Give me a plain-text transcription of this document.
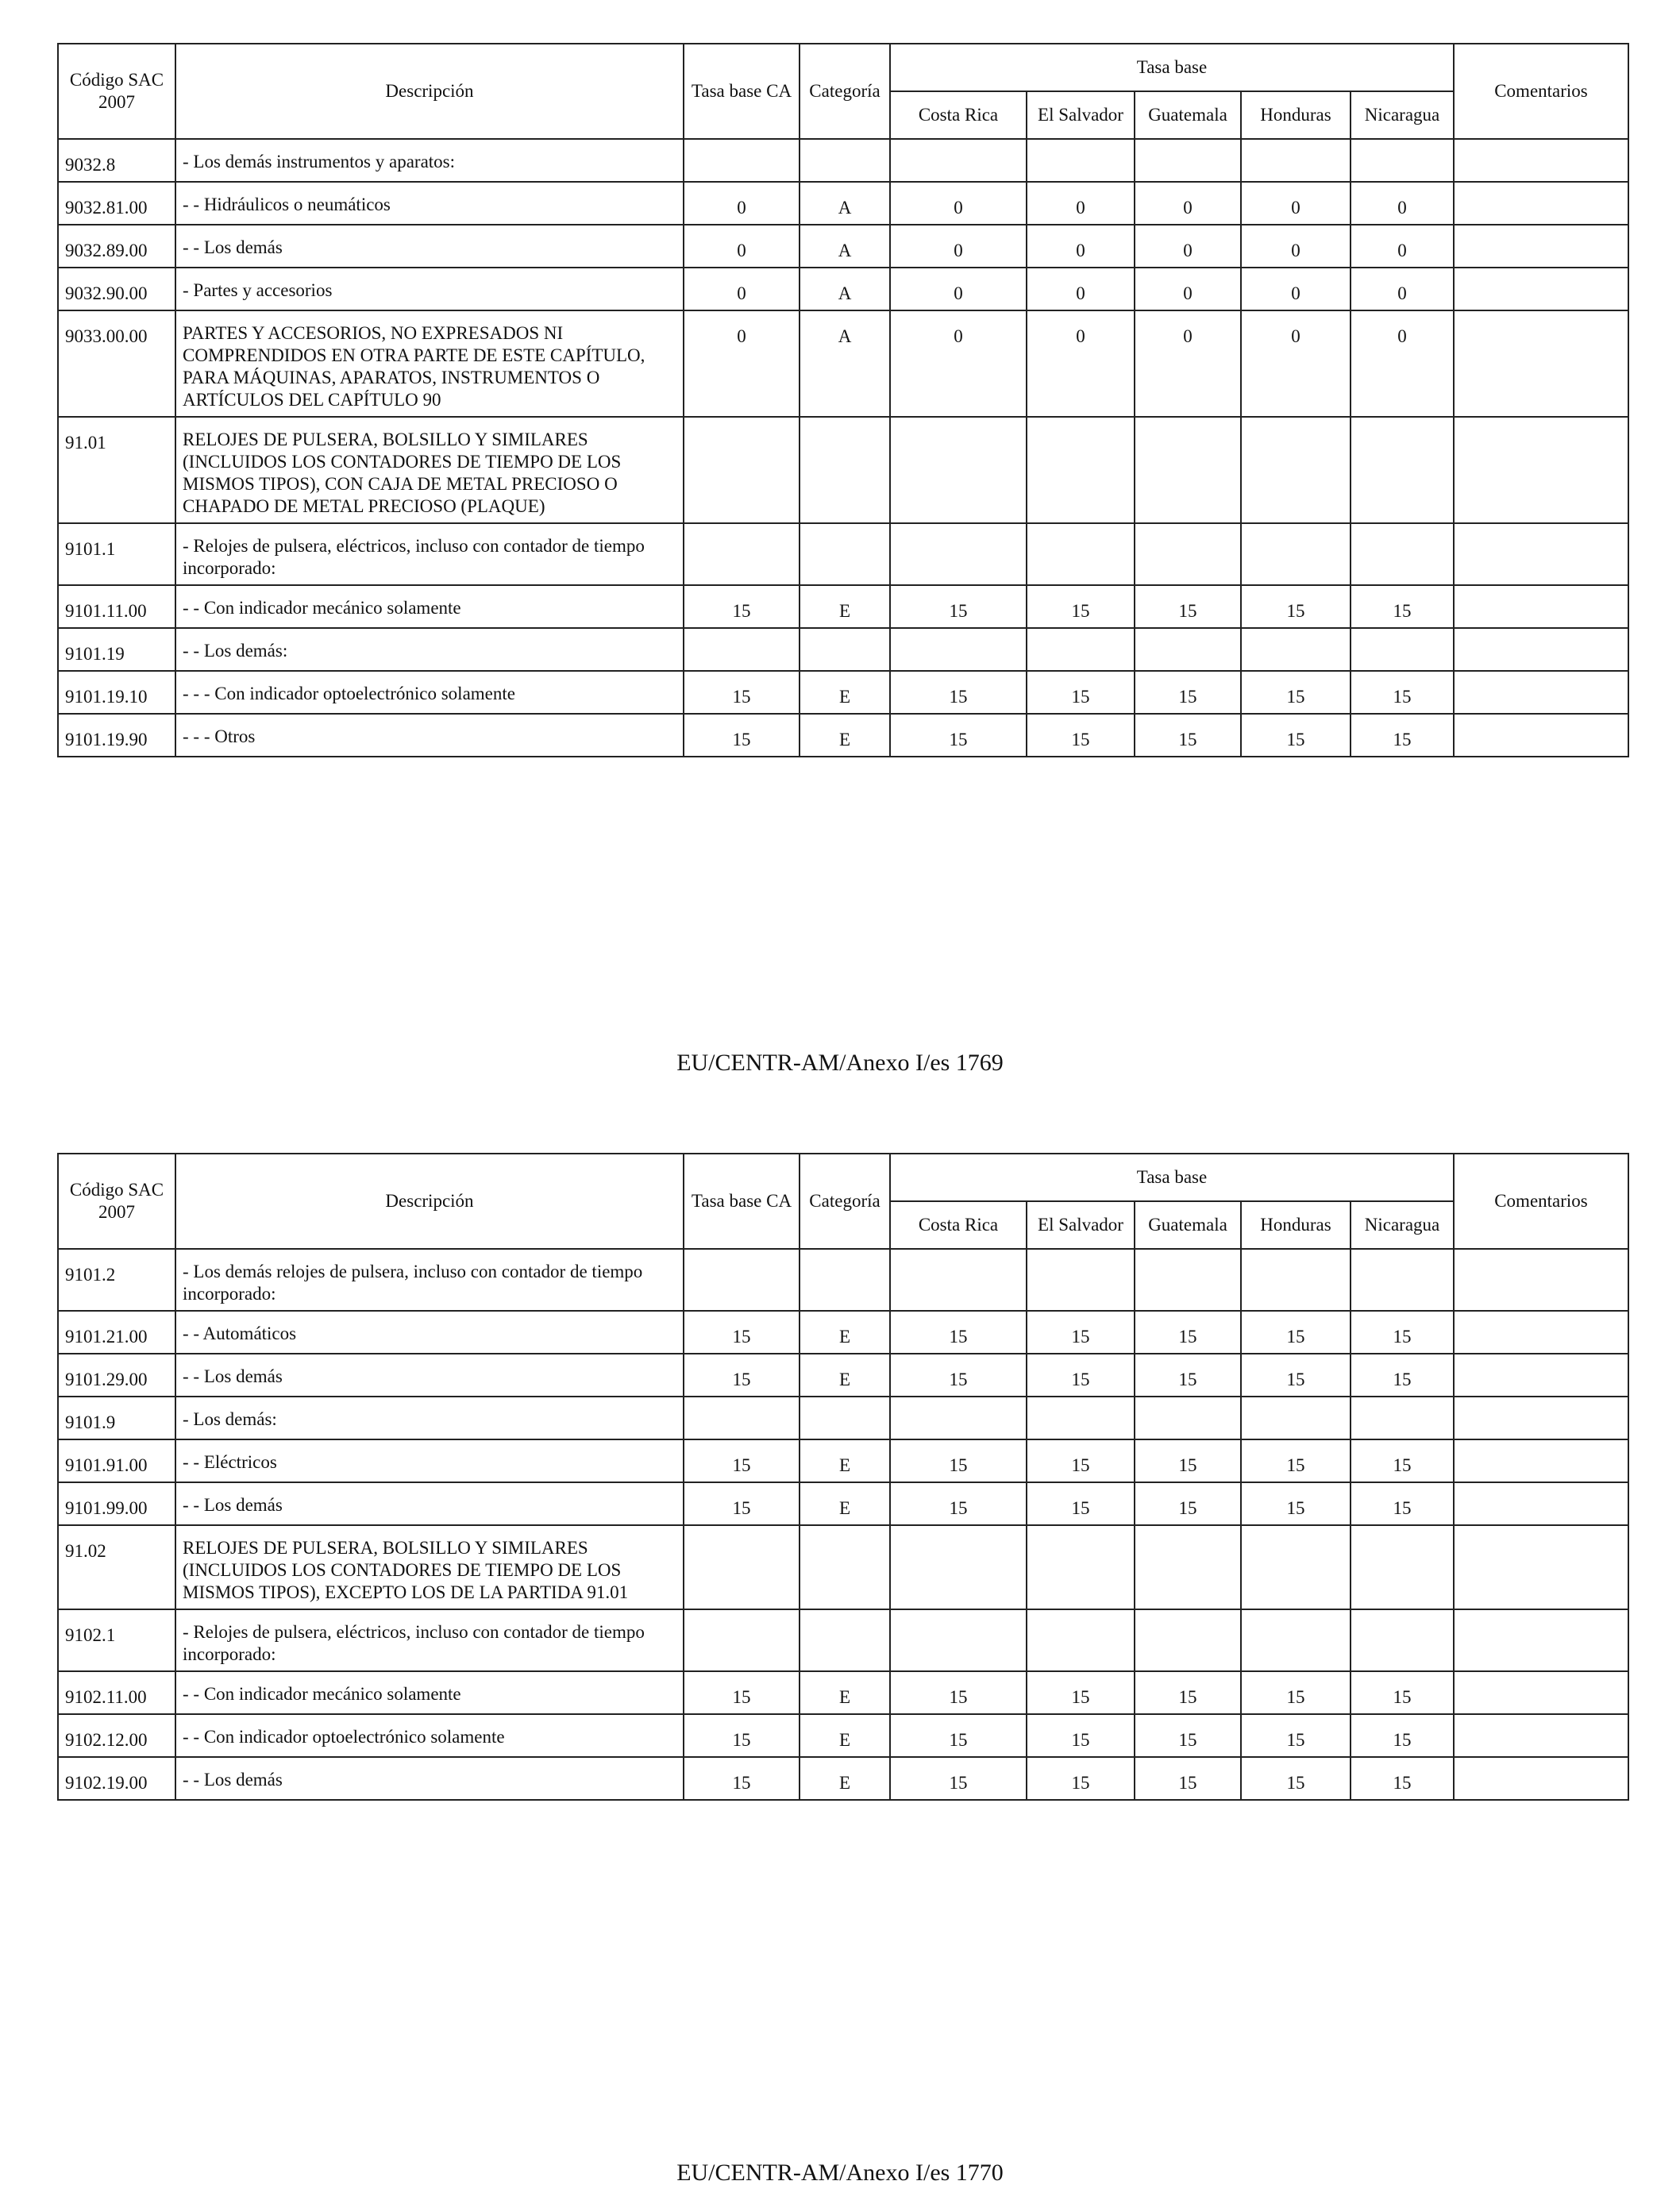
Código SAC 2007	Descripción	Tasa base CA	Categoría	Tasa base					Comentarios
				Costa Rica	El Salvador	Guatemala	Honduras	Nicaragua	
9032.8	- Los demás instrumentos y aparatos:								
9032.81.00	- - Hidráulicos o neumáticos	0	A	0	0	0	0	0	
9032.89.00	- - Los demás	0	A	0	0	0	0	0	
9032.90.00	- Partes y accesorios	0	A	0	0	0	0	0	
9033.00.00	PARTES Y ACCESORIOS, NO EXPRESADOS NI COMPRENDIDOS EN OTRA PARTE DE ESTE CAPÍTULO, PARA MÁQUINAS, APARATOS, INSTRUMENTOS O ARTÍCULOS DEL CAPÍTULO 90	0	A	0	0	0	0	0	
91.01	RELOJES DE PULSERA, BOLSILLO Y SIMILARES (INCLUIDOS LOS CONTADORES DE TIEMPO DE LOS MISMOS TIPOS), CON CAJA DE METAL PRECIOSO O CHAPADO DE METAL PRECIOSO (PLAQUE)								
9101.1	- Relojes de pulsera, eléctricos, incluso con contador de tiempo incorporado:								
9101.11.00	- - Con indicador mecánico solamente	15	E	15	15	15	15	15	
9101.19	- - Los demás:								
9101.19.10	- - - Con indicador optoelectrónico solamente	15	E	15	15	15	15	15	
9101.19.90	- - - Otros	15	E	15	15	15	15	15	
EU/CENTR-AM/Anexo I/es 1769
Código SAC 2007	Descripción	Tasa base CA	Categoría	Tasa base					Comentarios
				Costa Rica	El Salvador	Guatemala	Honduras	Nicaragua	
9101.2	- Los demás relojes de pulsera, incluso con contador de tiempo incorporado:								
9101.21.00	- - Automáticos	15	E	15	15	15	15	15	
9101.29.00	- - Los demás	15	E	15	15	15	15	15	
9101.9	- Los demás:								
9101.91.00	- - Eléctricos	15	E	15	15	15	15	15	
9101.99.00	- - Los demás	15	E	15	15	15	15	15	
91.02	RELOJES DE PULSERA, BOLSILLO Y SIMILARES (INCLUIDOS LOS CONTADORES DE TIEMPO DE LOS MISMOS TIPOS), EXCEPTO LOS DE LA PARTIDA 91.01								
9102.1	- Relojes de pulsera, eléctricos, incluso con contador de tiempo incorporado:								
9102.11.00	- - Con indicador mecánico solamente	15	E	15	15	15	15	15	
9102.12.00	- - Con indicador optoelectrónico solamente	15	E	15	15	15	15	15	
9102.19.00	- - Los demás	15	E	15	15	15	15	15	
EU/CENTR-AM/Anexo I/es 1770
